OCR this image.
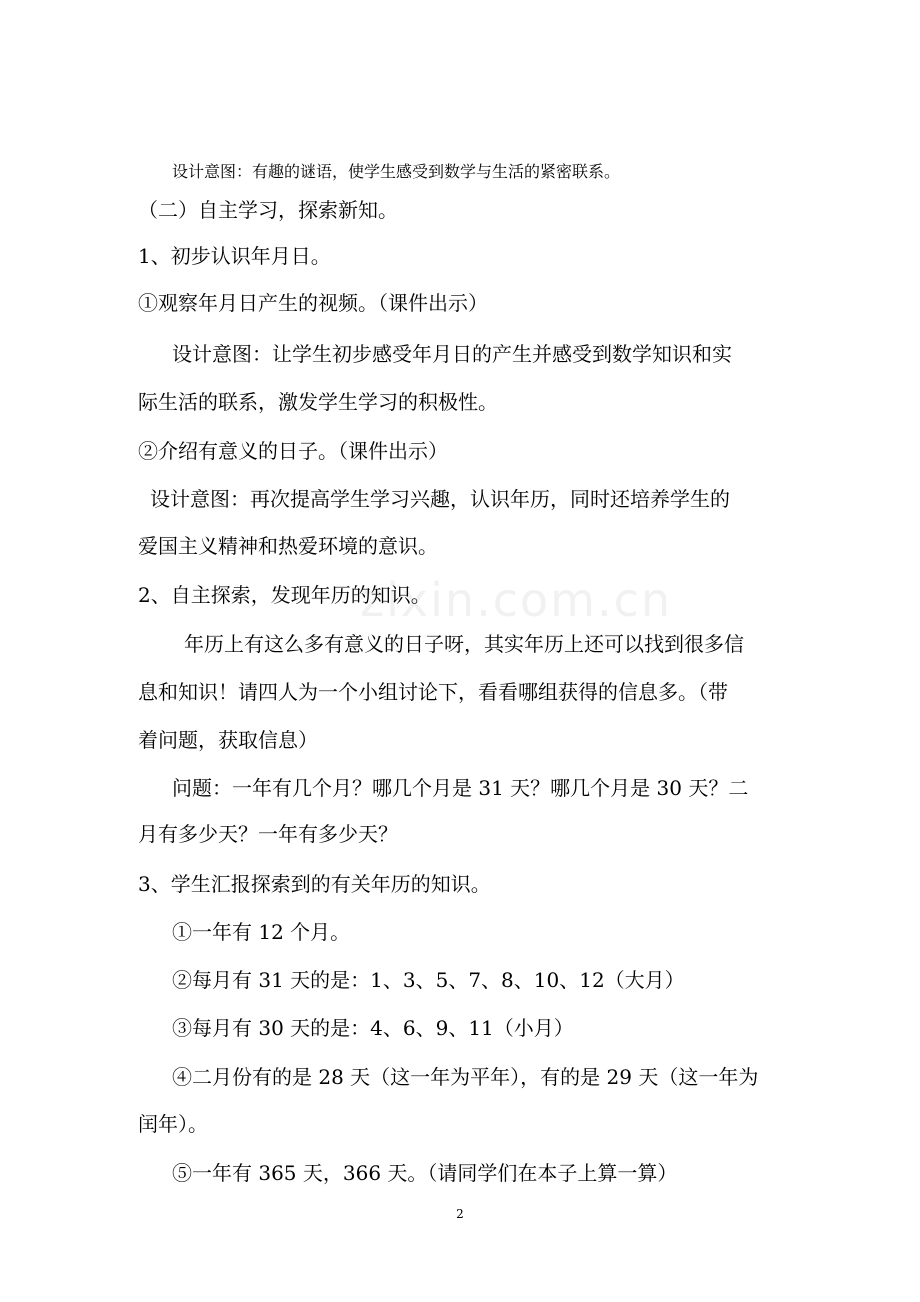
zixin.com.cn

设计意图：有趣的谜语，使学生感受到数学与生活的紧密联系。

（二）自主学习，探索新知。

1、初步认识年月日。

①观察年月日产生的视频。（课件出示）

设计意图：让学生初步感受年月日的产生并感受到数学知识和实

际生活的联系，激发学生学习的积极性。

②介绍有意义的日子。（课件出示）

设计意图：再次提高学生学习兴趣，认识年历，同时还培养学生的

爱国主义精神和热爱环境的意识。

2、自主探索，发现年历的知识。

年历上有这么多有意义的日子呀，其实年历上还可以找到很多信

息和知识！请四人为一个小组讨论下，看看哪组获得的信息多。（带

着问题，获取信息）

问题：一年有几个月？哪几个月是 31 天？哪几个月是 30 天？二

月有多少天？一年有多少天？

3、学生汇报探索到的有关年历的知识。

①一年有 12 个月。

②每月有 31 天的是：1、3、5、7、8、10、12（大月）

③每月有 30 天的是：4、6、9、11（小月）

④二月份有的是 28 天（这一年为平年），有的是 29 天（这一年为

闰年）。

⑤一年有 365 天，366 天。（请同学们在本子上算一算）

2
